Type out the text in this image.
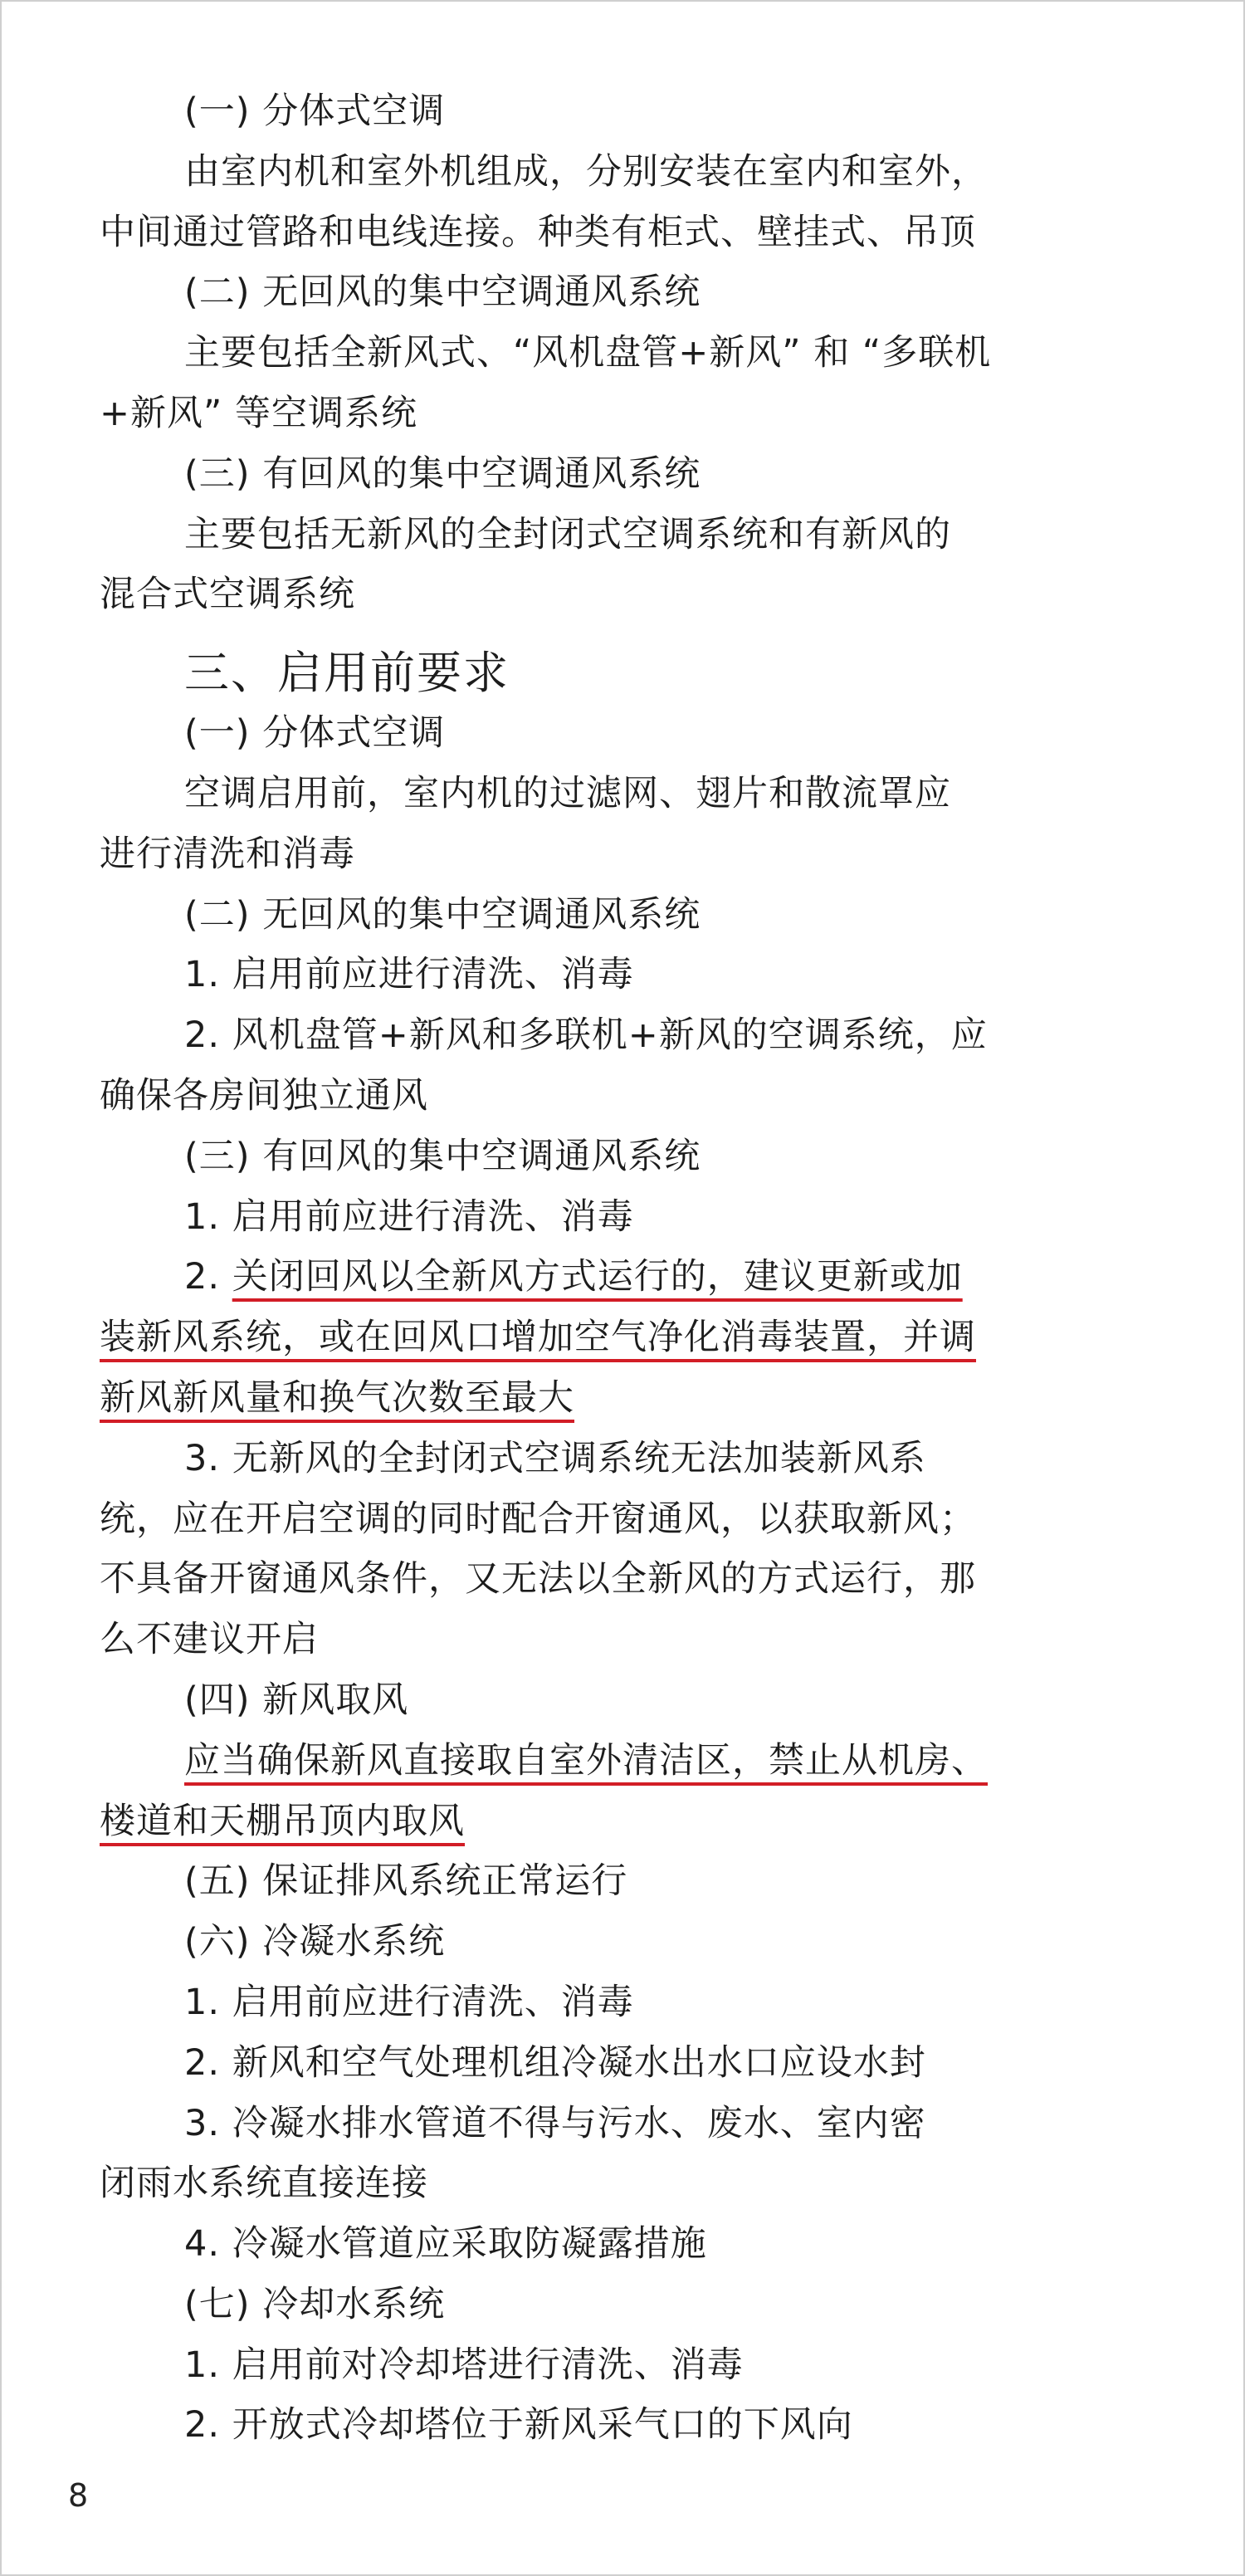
(一) 分体式空调

由室内机和室外机组成，分别安装在室内和室外，

中间通过管路和电线连接。种类有柜式、壁挂式、吊顶

(二) 无回风的集中空调通风系统

主要包括全新风式、“风机盘管+新风” 和 “多联机

+新风” 等空调系统

(三) 有回风的集中空调通风系统

主要包括无新风的全封闭式空调系统和有新风的

混合式空调系统

三、启用前要求

(一) 分体式空调

空调启用前，室内机的过滤网、翅片和散流罩应

进行清洗和消毒

(二) 无回风的集中空调通风系统

1. 启用前应进行清洗、消毒

2. 风机盘管+新风和多联机+新风的空调系统，应

确保各房间独立通风

(三) 有回风的集中空调通风系统

1. 启用前应进行清洗、消毒

2. 关闭回风以全新风方式运行的，建议更新或加

装新风系统，或在回风口增加空气净化消毒装置，并调

新风新风量和换气次数至最大

3. 无新风的全封闭式空调系统无法加装新风系

统，应在开启空调的同时配合开窗通风，以获取新风；

不具备开窗通风条件，又无法以全新风的方式运行，那

么不建议开启

(四) 新风取风

应当确保新风直接取自室外清洁区，禁止从机房、

楼道和天棚吊顶内取风

(五) 保证排风系统正常运行

(六) 冷凝水系统

1. 启用前应进行清洗、消毒

2. 新风和空气处理机组冷凝水出水口应设水封

3. 冷凝水排水管道不得与污水、废水、室内密

闭雨水系统直接连接

4. 冷凝水管道应采取防凝露措施

(七) 冷却水系统

1. 启用前对冷却塔进行清洗、消毒

2. 开放式冷却塔位于新风采气口的下风向

8
